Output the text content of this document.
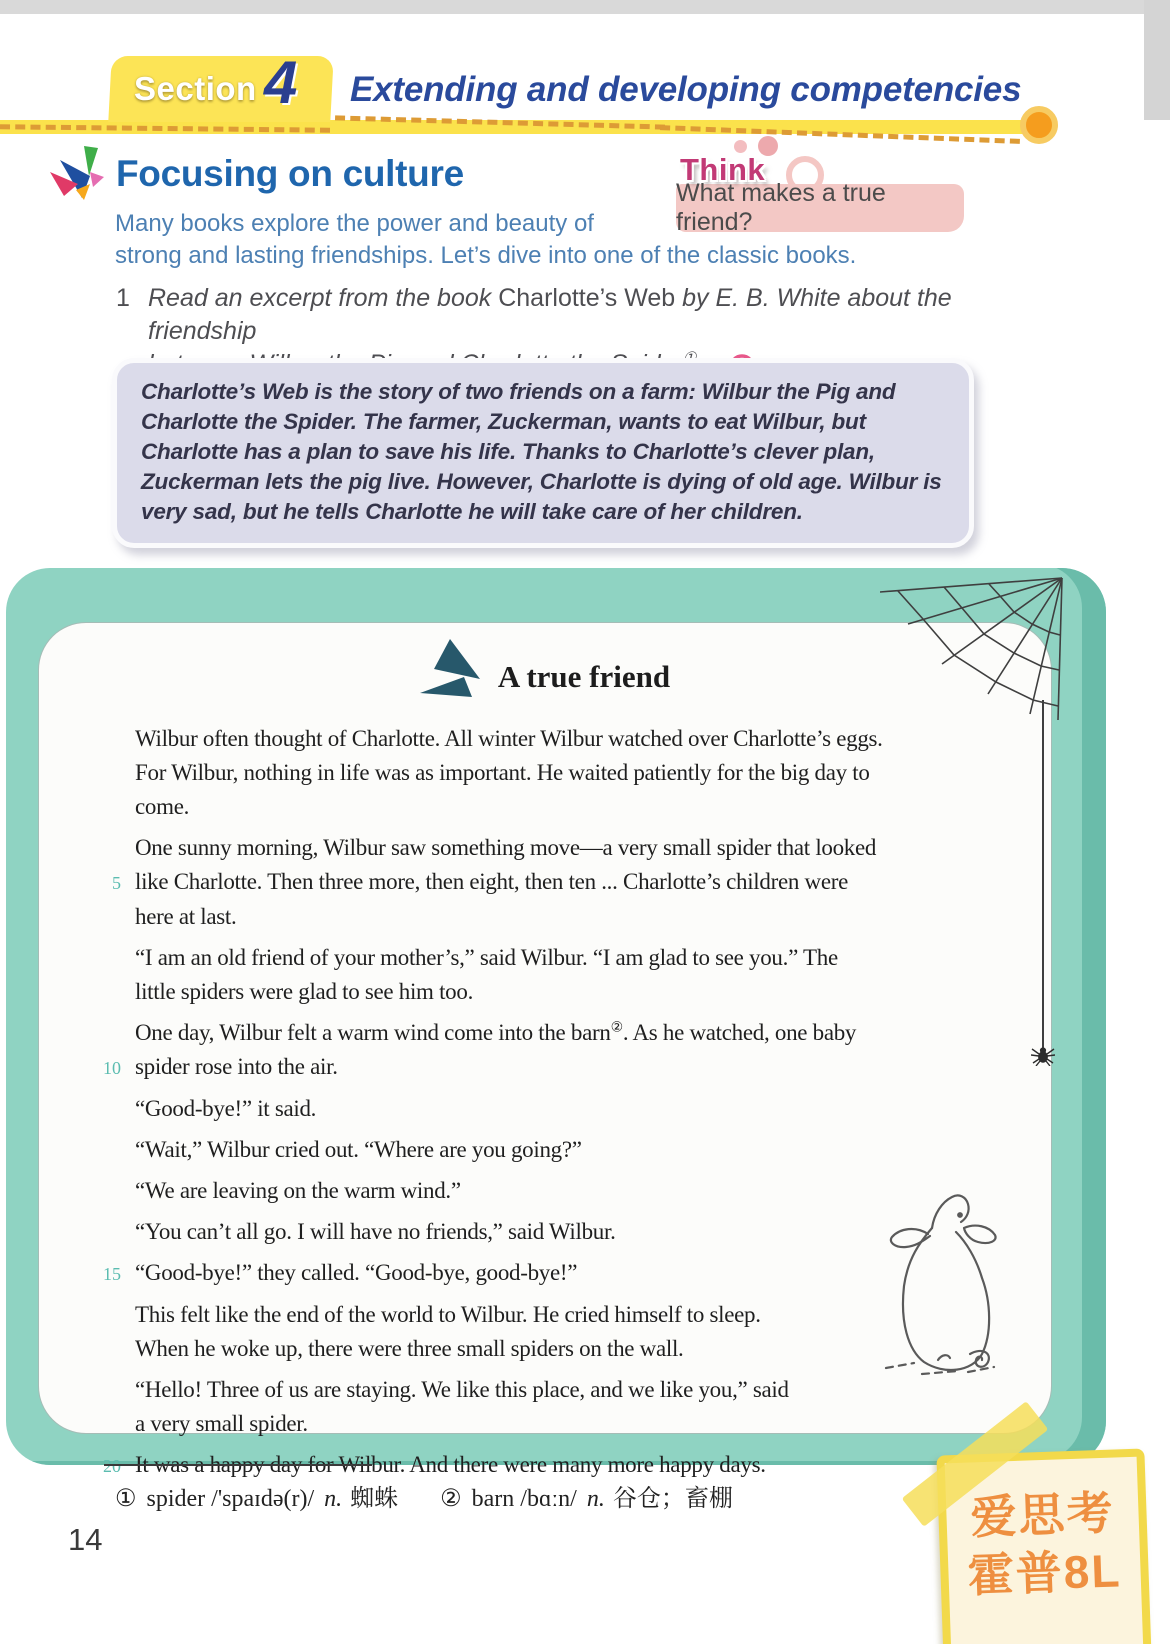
Section 4 Extending and developing competencies
Focusing on culture
Many books explore the power and beauty of
strong and lasting friendships. Let’s dive into one of the classic books.
What makes a true friend?
Think
1 Read an excerpt from the book Charlotte’s Web by E. B. White about the friendship
Charlotte’s Web is the story of two friends on a farm: Wilbur the Pig and Charlotte the Spider. The farmer, Zuckerman, wants to eat Wilbur, but Charlotte has a plan to save his life. Thanks to Charlotte’s clever plan, Zuckerman lets the pig live. However, Charlotte is dying of old age. Wilbur is very sad, but he tells Charlotte he will take care of her children.
A true friend
Wilbur often thought of Charlotte. All winter Wilbur watched over Charlotte’s eggs.
For Wilbur, nothing in life was as important. He waited patiently for the big day to
come.
One sunny morning, Wilbur saw something move—a very small spider that looked
5 like Charlotte. Then three more, then eight, then ten ... Charlotte’s children were
here at last.
“I am an old friend of your mother’s,” said Wilbur. “I am glad to see you.” The
little spiders were glad to see him too.
One day, Wilbur felt a warm wind come into the barn②. As he watched, one baby
10 spider rose into the air.
“Good-bye!” it said.
“Wait,” Wilbur cried out. “Where are you going?”
“We are leaving on the warm wind.”
“You can’t all go. I will have no friends,” said Wilbur.
15 “Good-bye!” they called. “Good-bye, good-bye!”
This felt like the end of the world to Wilbur. He cried himself to sleep.
When he woke up, there were three small spiders on the wall.
“Hello! Three of us are staying. We like this place, and we like you,” said
a very small spider.
20 It was a happy day for Wilbur. And there were many more happy days.
① spider /'spaɪdə(r)/ n. 蜘蛛 ② barn /bɑːn/ n. 谷仓；畜棚
14	爱思考
霍普8L
